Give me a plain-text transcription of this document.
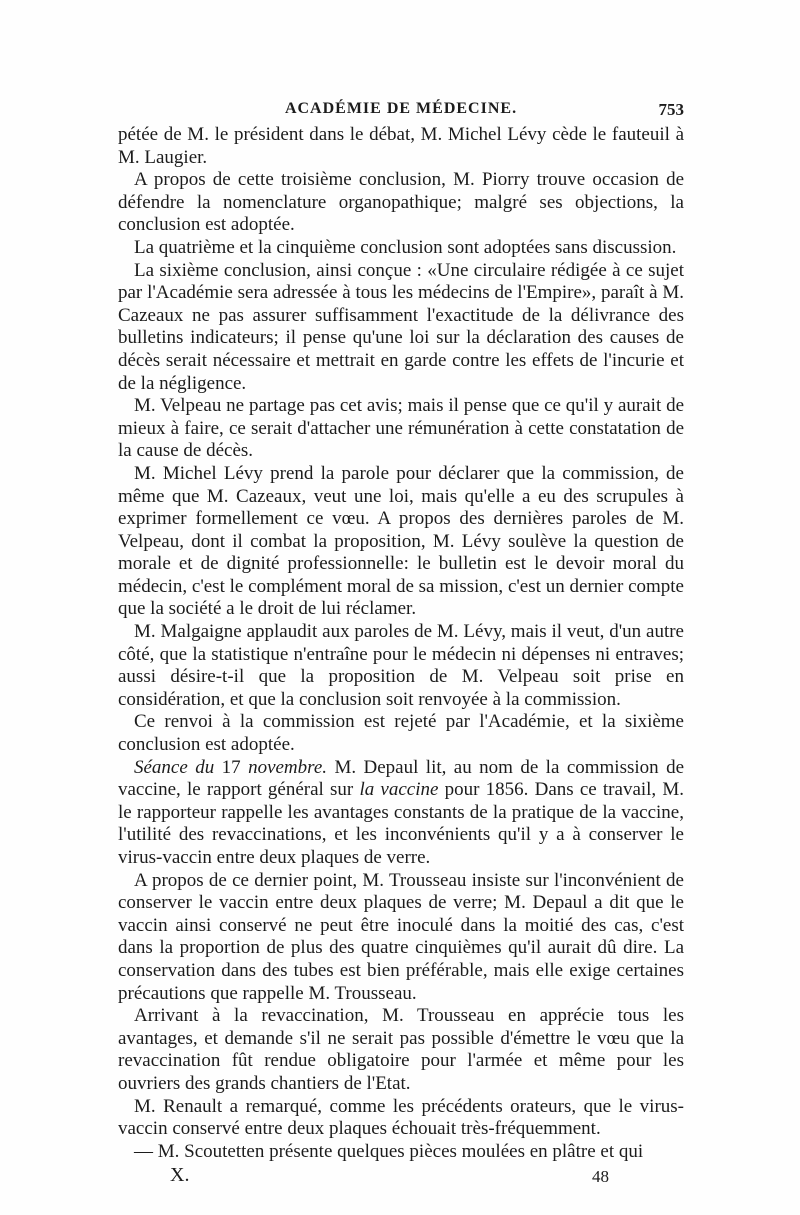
ACADÉMIE DE MÉDECINE.	753

pétée de M. le président dans le débat, M. Michel Lévy cède le fauteuil à M. Laugier.

A propos de cette troisième conclusion, M. Piorry trouve occasion de défendre la nomenclature organopathique; malgré ses objections, la conclusion est adoptée.

La quatrième et la cinquième conclusion sont adoptées sans discussion.

La sixième conclusion, ainsi conçue : «Une circulaire rédigée à ce sujet par l'Académie sera adressée à tous les médecins de l'Empire», paraît à M. Cazeaux ne pas assurer suffisamment l'exactitude de la délivrance des bulletins indicateurs; il pense qu'une loi sur la déclaration des causes de décès serait nécessaire et mettrait en garde contre les effets de l'incurie et de la négligence.

M. Velpeau ne partage pas cet avis; mais il pense que ce qu'il y aurait de mieux à faire, ce serait d'attacher une rémunération à cette constatation de la cause de décès.

M. Michel Lévy prend la parole pour déclarer que la commission, de même que M. Cazeaux, veut une loi, mais qu'elle a eu des scrupules à exprimer formellement ce vœu. A propos des dernières paroles de M. Velpeau, dont il combat la proposition, M. Lévy soulève la question de morale et de dignité professionnelle: le bulletin est le devoir moral du médecin, c'est le complément moral de sa mission, c'est un dernier compte que la société a le droit de lui réclamer.

M. Malgaigne applaudit aux paroles de M. Lévy, mais il veut, d'un autre côté, que la statistique n'entraîne pour le médecin ni dépenses ni entraves; aussi désire-t-il que la proposition de M. Velpeau soit prise en considération, et que la conclusion soit renvoyée à la commission.

Ce renvoi à la commission est rejeté par l'Académie, et la sixième conclusion est adoptée.

Séance du 17 novembre. M. Depaul lit, au nom de la commission de vaccine, le rapport général sur la vaccine pour 1856. Dans ce travail, M. le rapporteur rappelle les avantages constants de la pratique de la vaccine, l'utilité des revaccinations, et les inconvénients qu'il y a à conserver le virus-vaccin entre deux plaques de verre.

A propos de ce dernier point, M. Trousseau insiste sur l'inconvénient de conserver le vaccin entre deux plaques de verre; M. Depaul a dit que le vaccin ainsi conservé ne peut être inoculé dans la moitié des cas, c'est dans la proportion de plus des quatre cinquièmes qu'il aurait dû dire. La conservation dans des tubes est bien préférable, mais elle exige certaines précautions que rappelle M. Trousseau.

Arrivant à la revaccination, M. Trousseau en apprécie tous les avantages, et demande s'il ne serait pas possible d'émettre le vœu que la revaccination fût rendue obligatoire pour l'armée et même pour les ouvriers des grands chantiers de l'Etat.

M. Renault a remarqué, comme les précédents orateurs, que le virus-vaccin conservé entre deux plaques échouait très-fréquemment.

— M. Scoutetten présente quelques pièces moulées en plâtre et qui

X.	48
